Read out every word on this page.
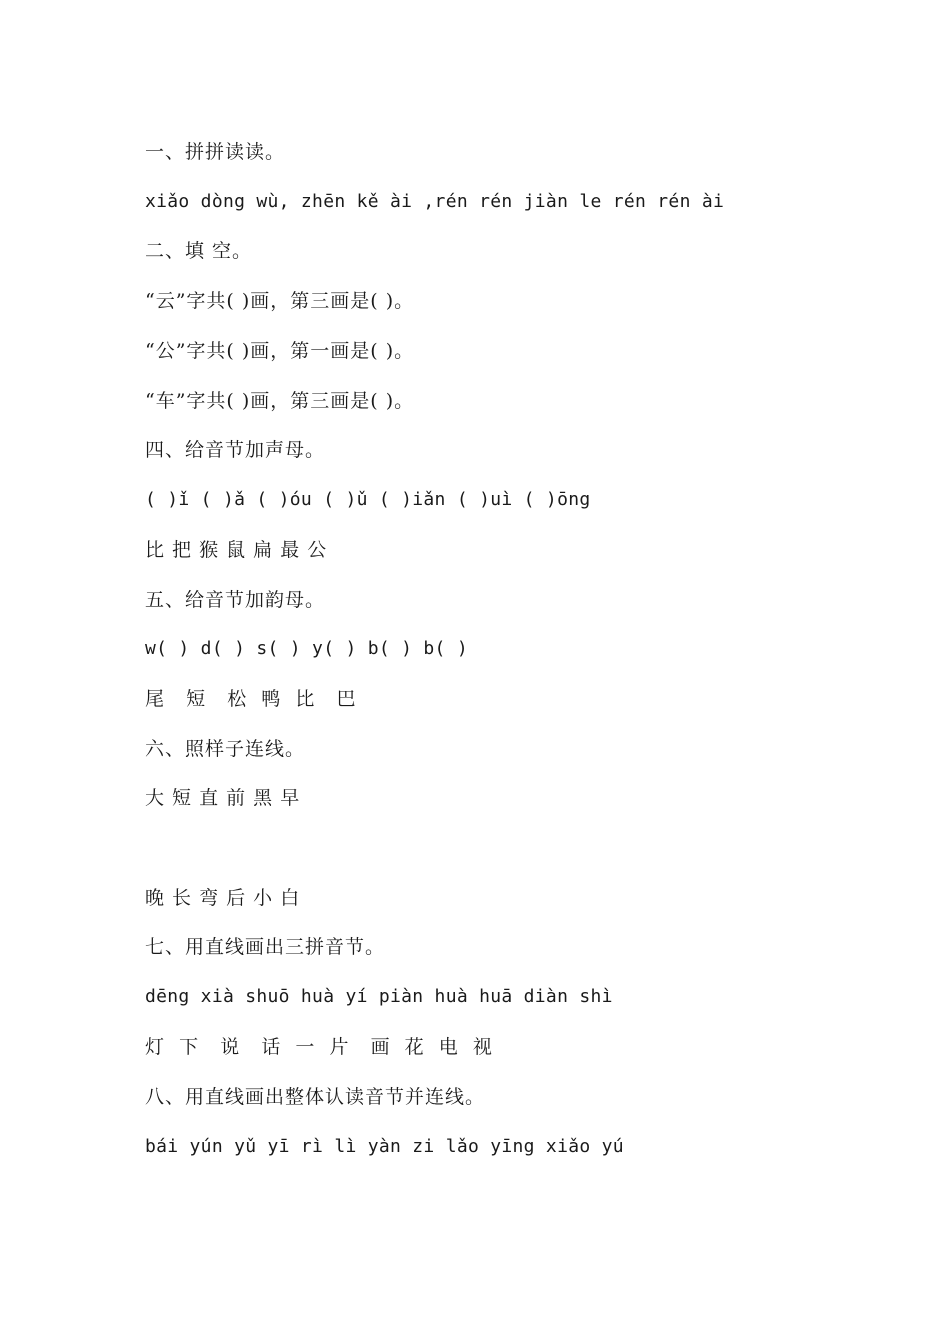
一、拼拼读读。
xiǎo dòng wù, zhēn kě ài ,rén rén jiàn le rén rén ài
二、填 空。
“云”字共( )画，第三画是( )。
“公”字共( )画，第一画是( )。
“车”字共( )画，第三画是( )。
四、给音节加声母。
( )ǐ ( )ǎ ( )óu ( )ǔ ( )iǎn ( )uì ( )ōng
比 把 猴 鼠 扁 最 公
五、给音节加韵母。
w( ) d( ) s( ) y( ) b( ) b( )
尾   短   松  鸭  比   巴
六、照样子连线。
大 短 直 前 黑 早
晚 长 弯 后 小 白
七、用直线画出三拼音节。
dēng xià shuō huà yí piàn huà huā diàn shì
灯  下   说   话  一  片   画  花  电  视
八、用直线画出整体认读音节并连线。
bái yún yǔ yī rì lì yàn zi lǎo yīng xiǎo yú
